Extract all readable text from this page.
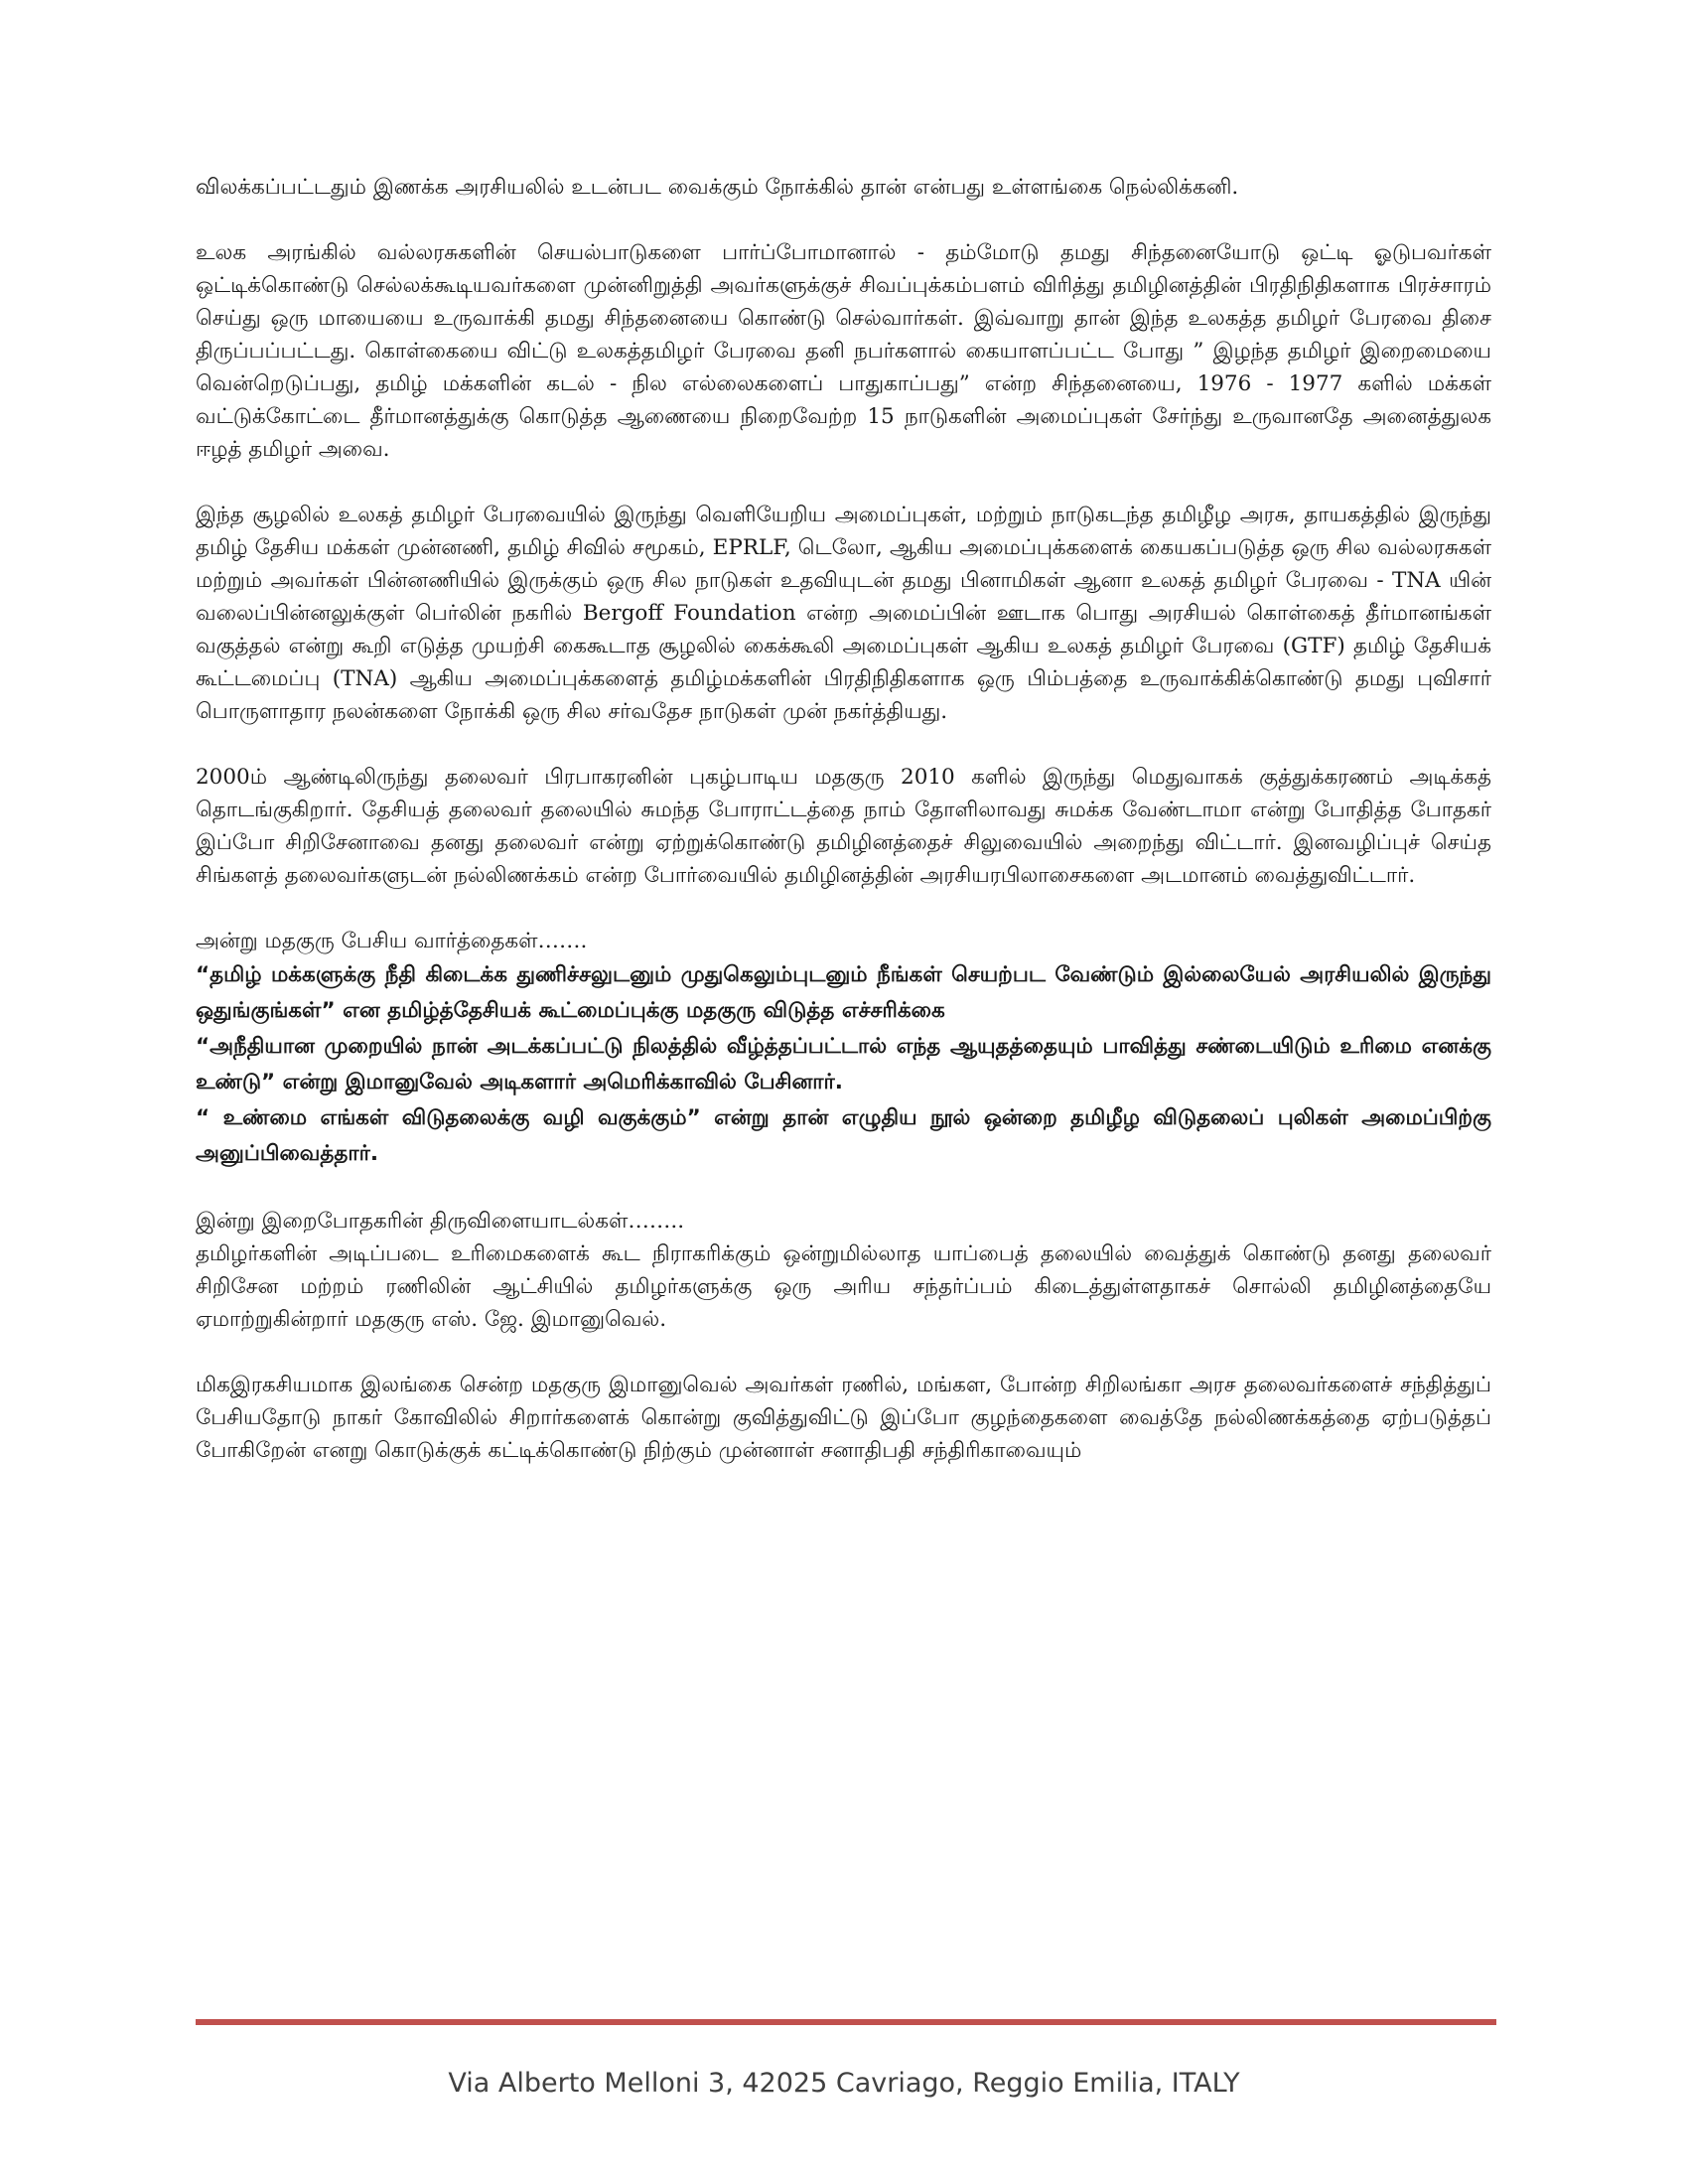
விலக்கப்பட்டதும் இணக்க அரசியலில் உடன்பட வைக்கும் நோக்கில் தான் என்பது உள்ளங்கை நெல்லிக்கனி.

உலக அரங்கில் வல்லரசுகளின் செயல்பாடுகளை பார்ப்போமானால் - தம்மோடு தமது சிந்தனையோடு ஒட்டி ஓடுபவர்கள் ஒட்டிக்கொண்டு செல்லக்கூடியவர்களை முன்னிறுத்தி அவர்களுக்குச் சிவப்புக்கம்பளம் விரித்து தமிழினத்தின் பிரதிநிதிகளாக பிரச்சாரம் செய்து ஒரு மாயையை உருவாக்கி தமது சிந்தனையை கொண்டு செல்வார்கள். இவ்வாறு தான் இந்த உலகத்த தமிழர் பேரவை திசை திருப்பப்பட்டது. கொள்கையை விட்டு உலகத்தமிழர் பேரவை தனி நபர்களால் கையாளப்பட்ட போது ” இழந்த தமிழர் இறைமையை வென்றெடுப்பது, தமிழ் மக்களின் கடல் - நில எல்லைகளைப் பாதுகாப்பது” என்ற சிந்தனையை, 1976 - 1977 களில் மக்கள் வட்டுக்கோட்டை தீர்மானத்துக்கு கொடுத்த ஆணையை நிறைவேற்ற 15 நாடுகளின் அமைப்புகள் சேர்ந்து உருவானதே அனைத்துலக ஈழத் தமிழர் அவை.

இந்த சூழலில் உலகத் தமிழர் பேரவையில் இருந்து வெளியேறிய அமைப்புகள், மற்றும் நாடுகடந்த தமிழீழ அரசு, தாயகத்தில் இருந்து தமிழ் தேசிய மக்கள் முன்னணி, தமிழ் சிவில் சமூகம், EPRLF, டெலோ, ஆகிய அமைப்புக்களைக் கையகப்படுத்த ஒரு சில வல்லரசுகள் மற்றும் அவர்கள் பின்னணியில் இருக்கும் ஒரு சில நாடுகள் உதவியுடன் தமது பினாமிகள் ஆனா உலகத் தமிழர் பேரவை - TNA யின் வலைப்பின்னலுக்குள் பெர்லின் நகரில் Bergoff Foundation என்ற அமைப்பின் ஊடாக பொது அரசியல் கொள்கைத் தீர்மானங்கள் வகுத்தல் என்று கூறி எடுத்த முயற்சி கைகூடாத சூழலில் கைக்கூலி அமைப்புகள் ஆகிய உலகத் தமிழர் பேரவை (GTF) தமிழ் தேசியக் கூட்டமைப்பு (TNA) ஆகிய அமைப்புக்களைத் தமிழ்மக்களின் பிரதிநிதிகளாக ஒரு பிம்பத்தை உருவாக்கிக்கொண்டு தமது புவிசார் பொருளாதார நலன்களை நோக்கி ஒரு சில சர்வதேச நாடுகள் முன் நகர்த்தியது.

2000ம் ஆண்டிலிருந்து தலைவர் பிரபாகரனின் புகழ்பாடிய மதகுரு 2010 களில் இருந்து மெதுவாகக் குத்துக்கரணம் அடிக்கத் தொடங்குகிறார். தேசியத் தலைவர் தலையில் சுமந்த போராட்டத்தை நாம் தோளிலாவது சுமக்க வேண்டாமா என்று போதித்த போதகர் இப்போ சிறிசேனாவை தனது தலைவர் என்று ஏற்றுக்கொண்டு தமிழினத்தைச் சிலுவையில் அறைந்து விட்டார். இனவழிப்புச் செய்த சிங்களத் தலைவர்களுடன் நல்லிணக்கம் என்ற போர்வையில் தமிழினத்தின் அரசியரபிலாசைகளை அடமானம் வைத்துவிட்டார்.

அன்று மதகுரு பேசிய வார்த்தைகள்…….
“தமிழ் மக்களுக்கு நீதி கிடைக்க துணிச்சலுடனும் முதுகெலும்புடனும் நீங்கள் செயற்பட வேண்டும் இல்லையேல் அரசியலில் இருந்து ஒதுங்குங்கள்” என தமிழ்த்தேசியக் கூட்மைப்புக்கு மதகுரு விடுத்த எச்சரிக்கை
“அநீதியான முறையில் நான் அடக்கப்பட்டு நிலத்தில் வீழ்த்தப்பட்டால் எந்த ஆயுதத்தையும் பாவித்து சண்டையிடும் உரிமை எனக்கு உண்டு” என்று இமானுவேல் அடிகளார் அமெரிக்காவில் பேசினார்.
“ உண்மை எங்கள் விடுதலைக்கு வழி வகுக்கும்” என்று தான் எழுதிய நூல் ஒன்றை தமிழீழ விடுதலைப் புலிகள் அமைப்பிற்கு அனுப்பிவைத்தார்.
இன்று இறைபோதகரின் திருவிளையாடல்கள்……..
தமிழர்களின் அடிப்படை உரிமைகளைக் கூட நிராகரிக்கும் ஒன்றுமில்லாத யாப்பைத் தலையில் வைத்துக் கொண்டு தனது தலைவர் சிறிசேன மற்றம் ரணிலின் ஆட்சியில் தமிழர்களுக்கு ஒரு அரிய சந்தர்ப்பம் கிடைத்துள்ளதாகச் சொல்லி தமிழினத்தையே ஏமாற்றுகின்றார் மதகுரு எஸ். ஜே. இமானுவெல்.

மிகஇரகசியமாக இலங்கை சென்ற மதகுரு இமானுவெல் அவர்கள் ரணில், மங்கள, போன்ற சிறிலங்கா அரச தலைவர்களைச் சந்தித்துப் பேசியதோடு நாகர் கோவிலில் சிறார்களைக் கொன்று குவித்துவிட்டு இப்போ குழந்தைகளை வைத்தே நல்லிணக்கத்தை ஏற்படுத்தப் போகிறேன் எனறு கொடுக்குக் கட்டிக்கொண்டு நிற்கும் முன்னாள் சனாதிபதி சந்திரிகாவையும்

Via Alberto Melloni 3, 42025 Cavriago, Reggio Emilia, ITALY
